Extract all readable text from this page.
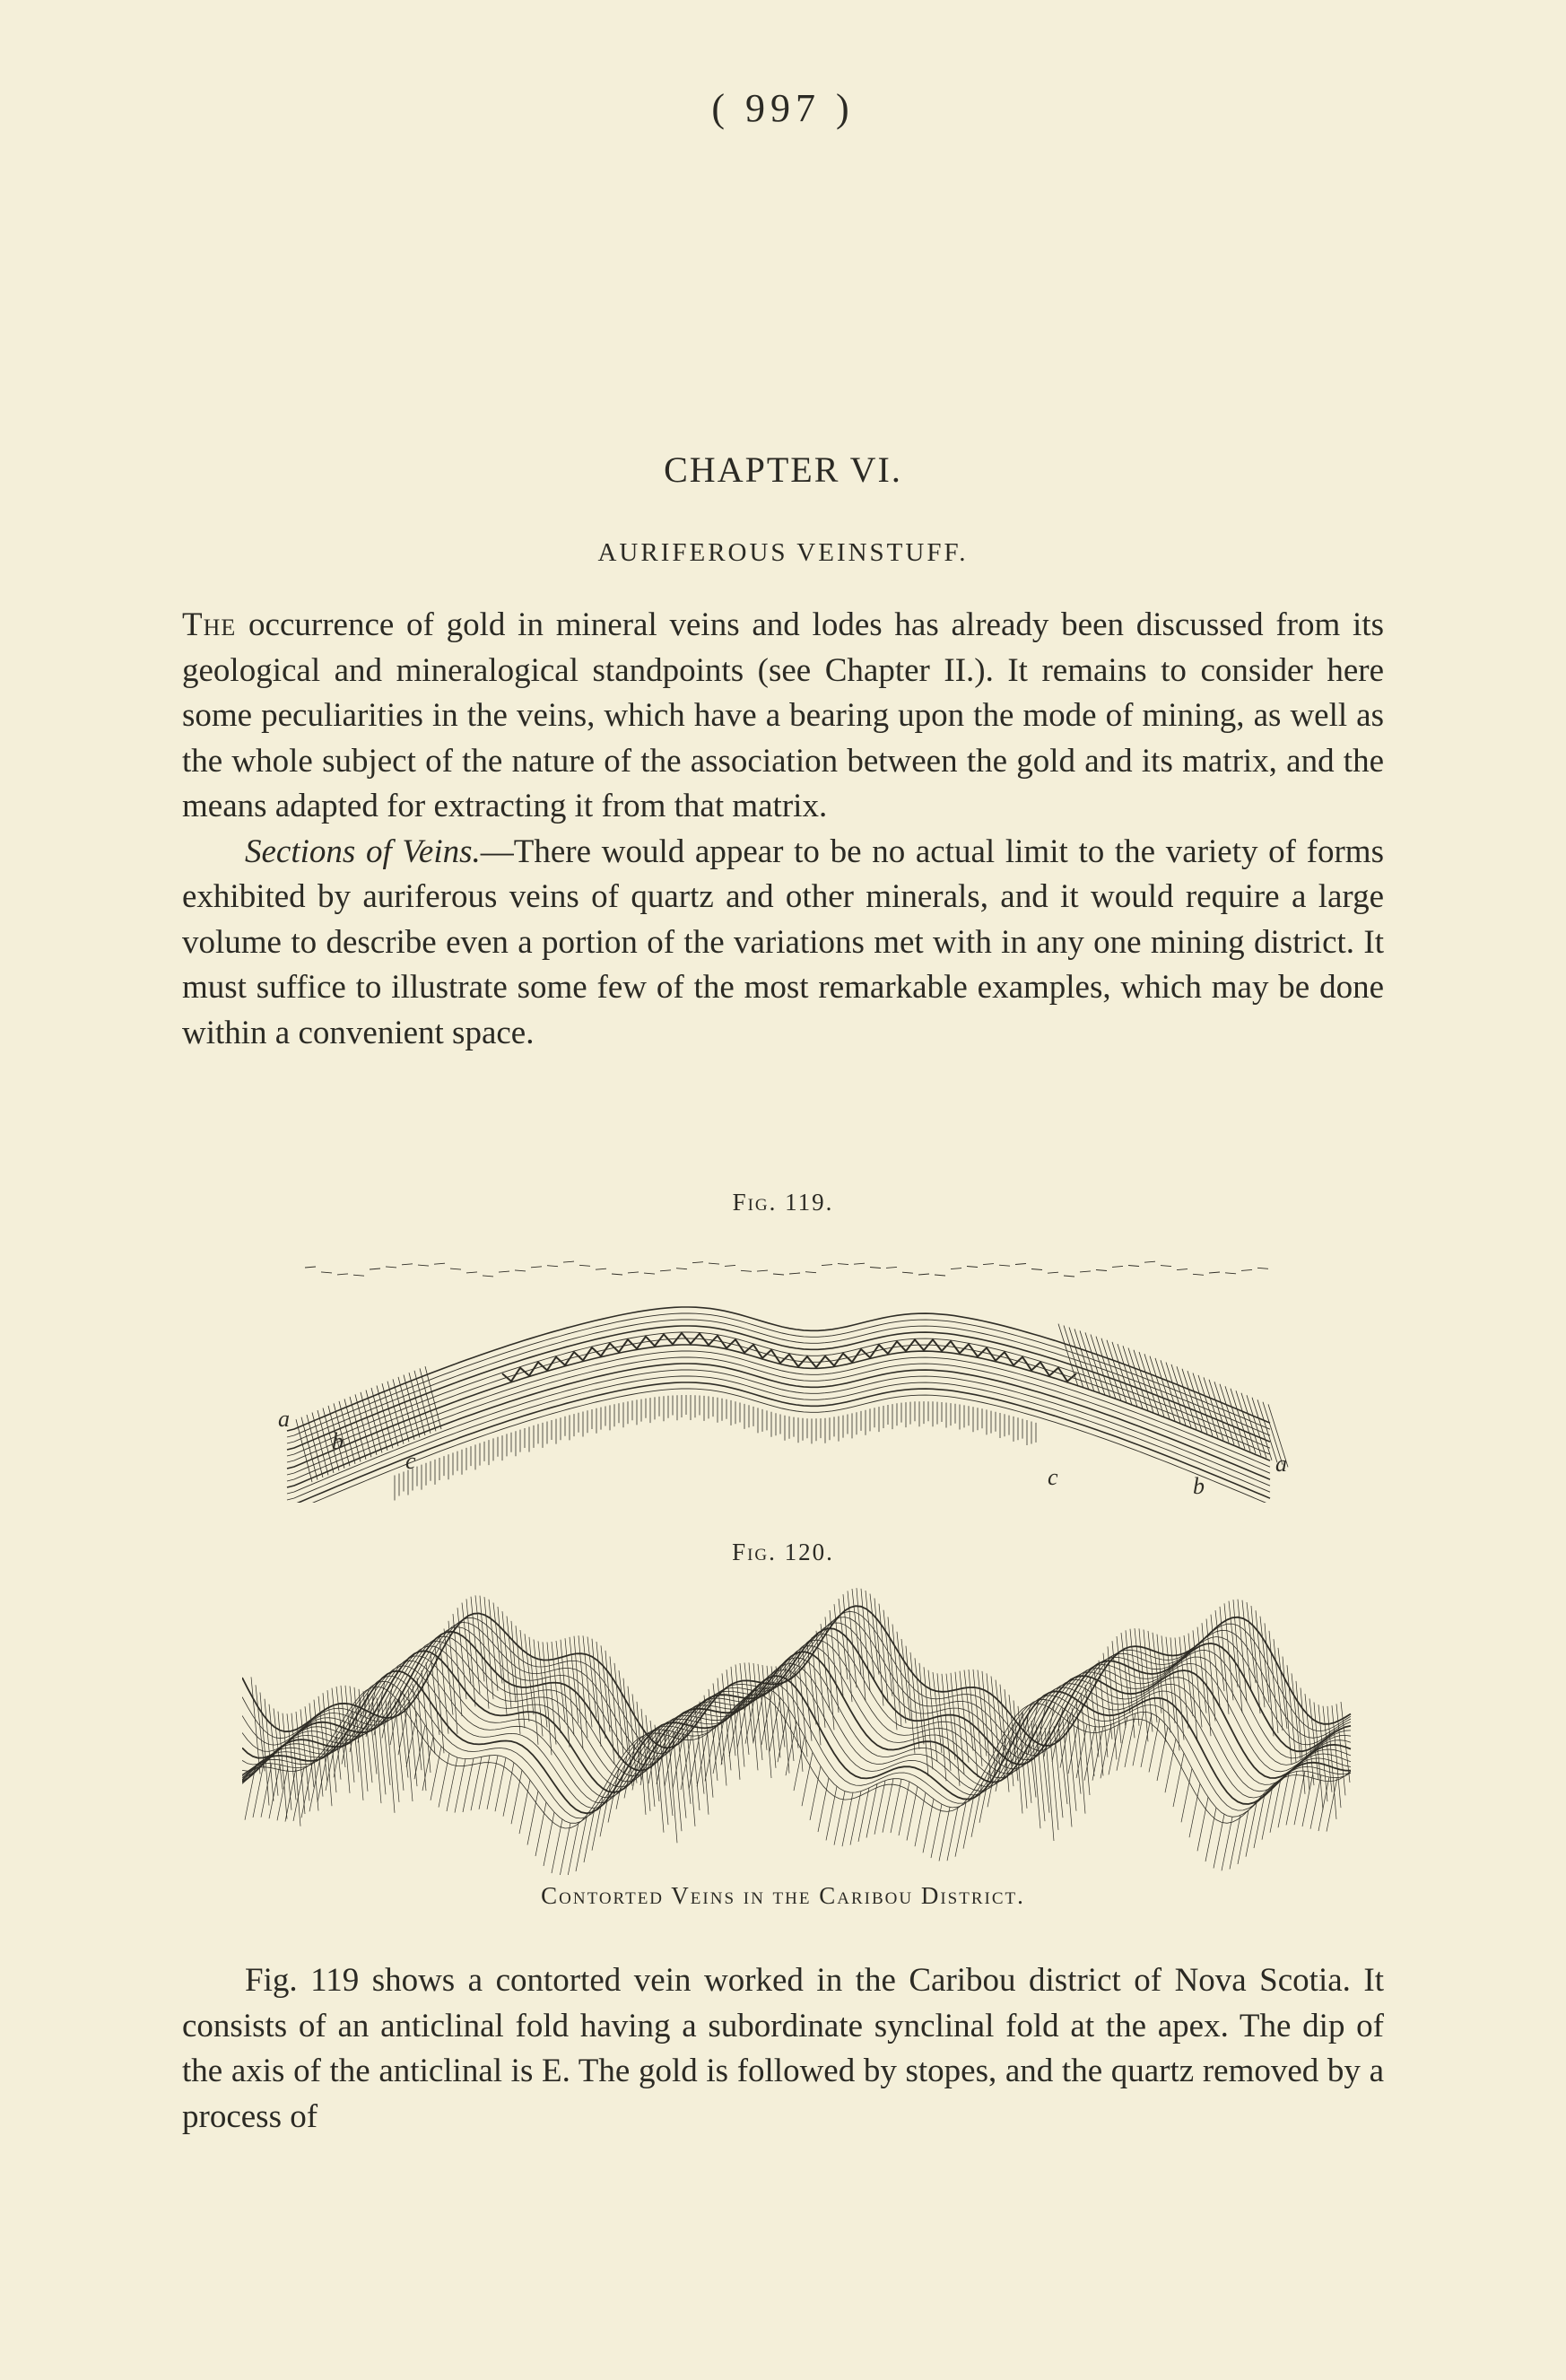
( 997 )
CHAPTER VI.
AURIFEROUS VEINSTUFF.
The occurrence of gold in mineral veins and lodes has already been discussed from its geological and mineralogical standpoints (see Chapter II.). It remains to consider here some peculiarities in the veins, which have a bearing upon the mode of mining, as well as the whole subject of the nature of the association between the gold and its matrix, and the means adapted for extracting it from that matrix.
Sections of Veins.—There would appear to be no actual limit to the variety of forms exhibited by auriferous veins of quartz and other minerals, and it would require a large volume to describe even a portion of the variations met with in any one mining district. It must suffice to illustrate some few of the most remarkable examples, which may be done within a convenient space.
Fig. 119.
a
b
c
c	b
a
Fig. 120.
Contorted Veins in the Caribou District.
Fig. 119 shows a contorted vein worked in the Caribou district of Nova Scotia. It consists of an anticlinal fold having a subordinate synclinal fold at the apex. The dip of the axis of the anticlinal is E. The gold is followed by stopes, and the quartz removed by a process of
